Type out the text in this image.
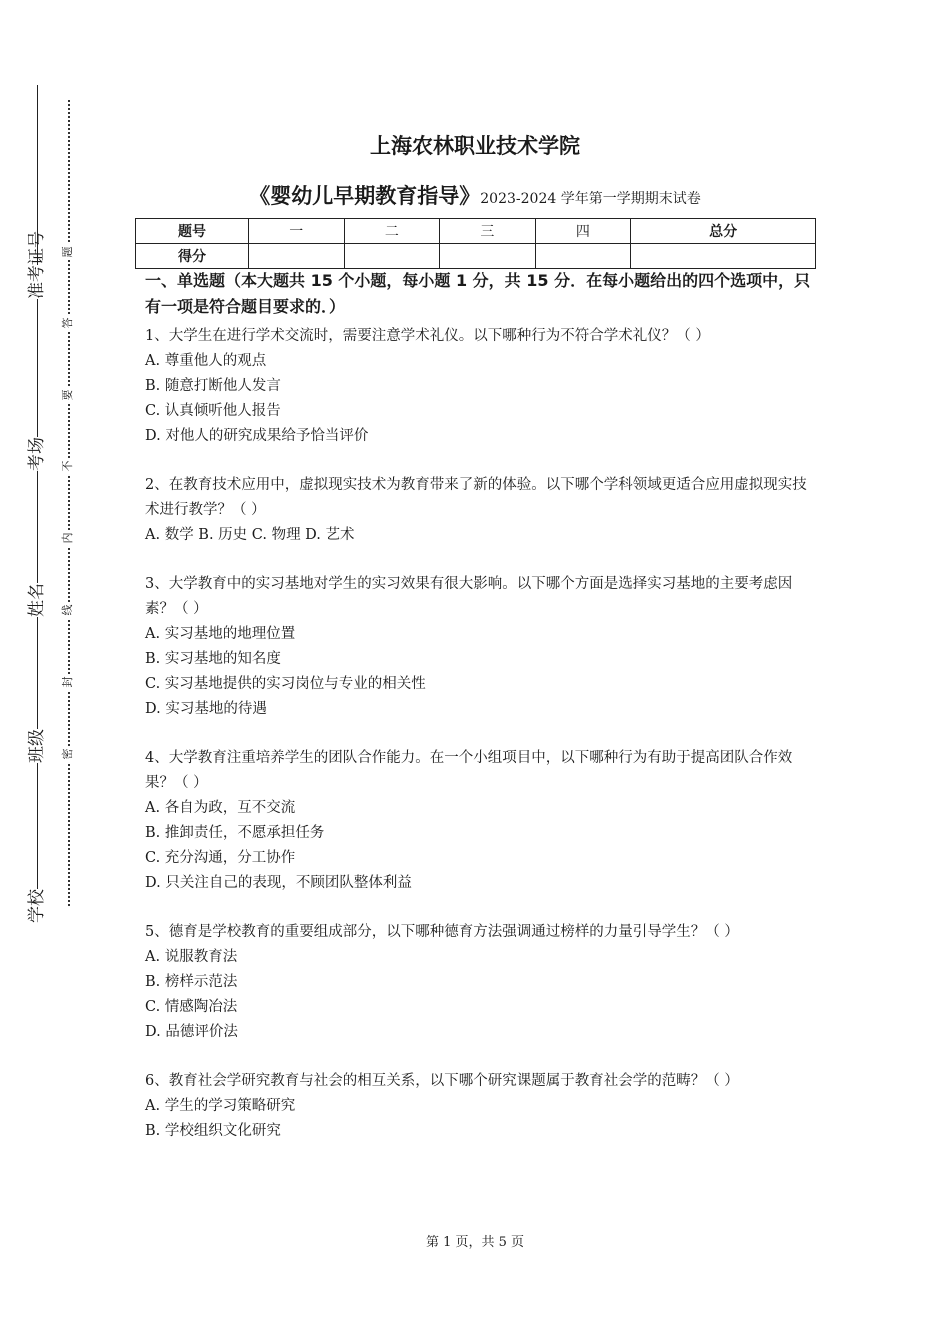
准考证号
考场
姓名
班级
学校
题
答
要
不
内
线
封
密
上海农林职业技术学院
《婴幼儿早期教育指导》2023-2024 学年第一学期期末试卷
题号	一	二	三	四	总分
得分					

一、单选题（本大题共 15 个小题，每小题 1 分，共 15 分．在每小题给出的四个选项中，只有一项是符合题目要求的．）

1、大学生在进行学术交流时，需要注意学术礼仪。以下哪种行为不符合学术礼仪？（ ）

A. 尊重他人的观点

B. 随意打断他人发言

C. 认真倾听他人报告

D. 对他人的研究成果给予恰当评价

2、在教育技术应用中，虚拟现实技术为教育带来了新的体验。以下哪个学科领域更适合应用虚拟现实技术进行教学？（ ）

A. 数学 B. 历史 C. 物理 D. 艺术

3、大学教育中的实习基地对学生的实习效果有很大影响。以下哪个方面是选择实习基地的主要考虑因素？（ ）

A. 实习基地的地理位置

B. 实习基地的知名度

C. 实习基地提供的实习岗位与专业的相关性

D. 实习基地的待遇

4、大学教育注重培养学生的团队合作能力。在一个小组项目中，以下哪种行为有助于提高团队合作效果？（ ）

A. 各自为政，互不交流

B. 推卸责任，不愿承担任务

C. 充分沟通，分工协作

D. 只关注自己的表现，不顾团队整体利益

5、德育是学校教育的重要组成部分，以下哪种德育方法强调通过榜样的力量引导学生？（ ）

A. 说服教育法

B. 榜样示范法

C. 情感陶冶法

D. 品德评价法

6、教育社会学研究教育与社会的相互关系，以下哪个研究课题属于教育社会学的范畴？（ ）

A. 学生的学习策略研究

B. 学校组织文化研究

第 1 页，共 5 页
